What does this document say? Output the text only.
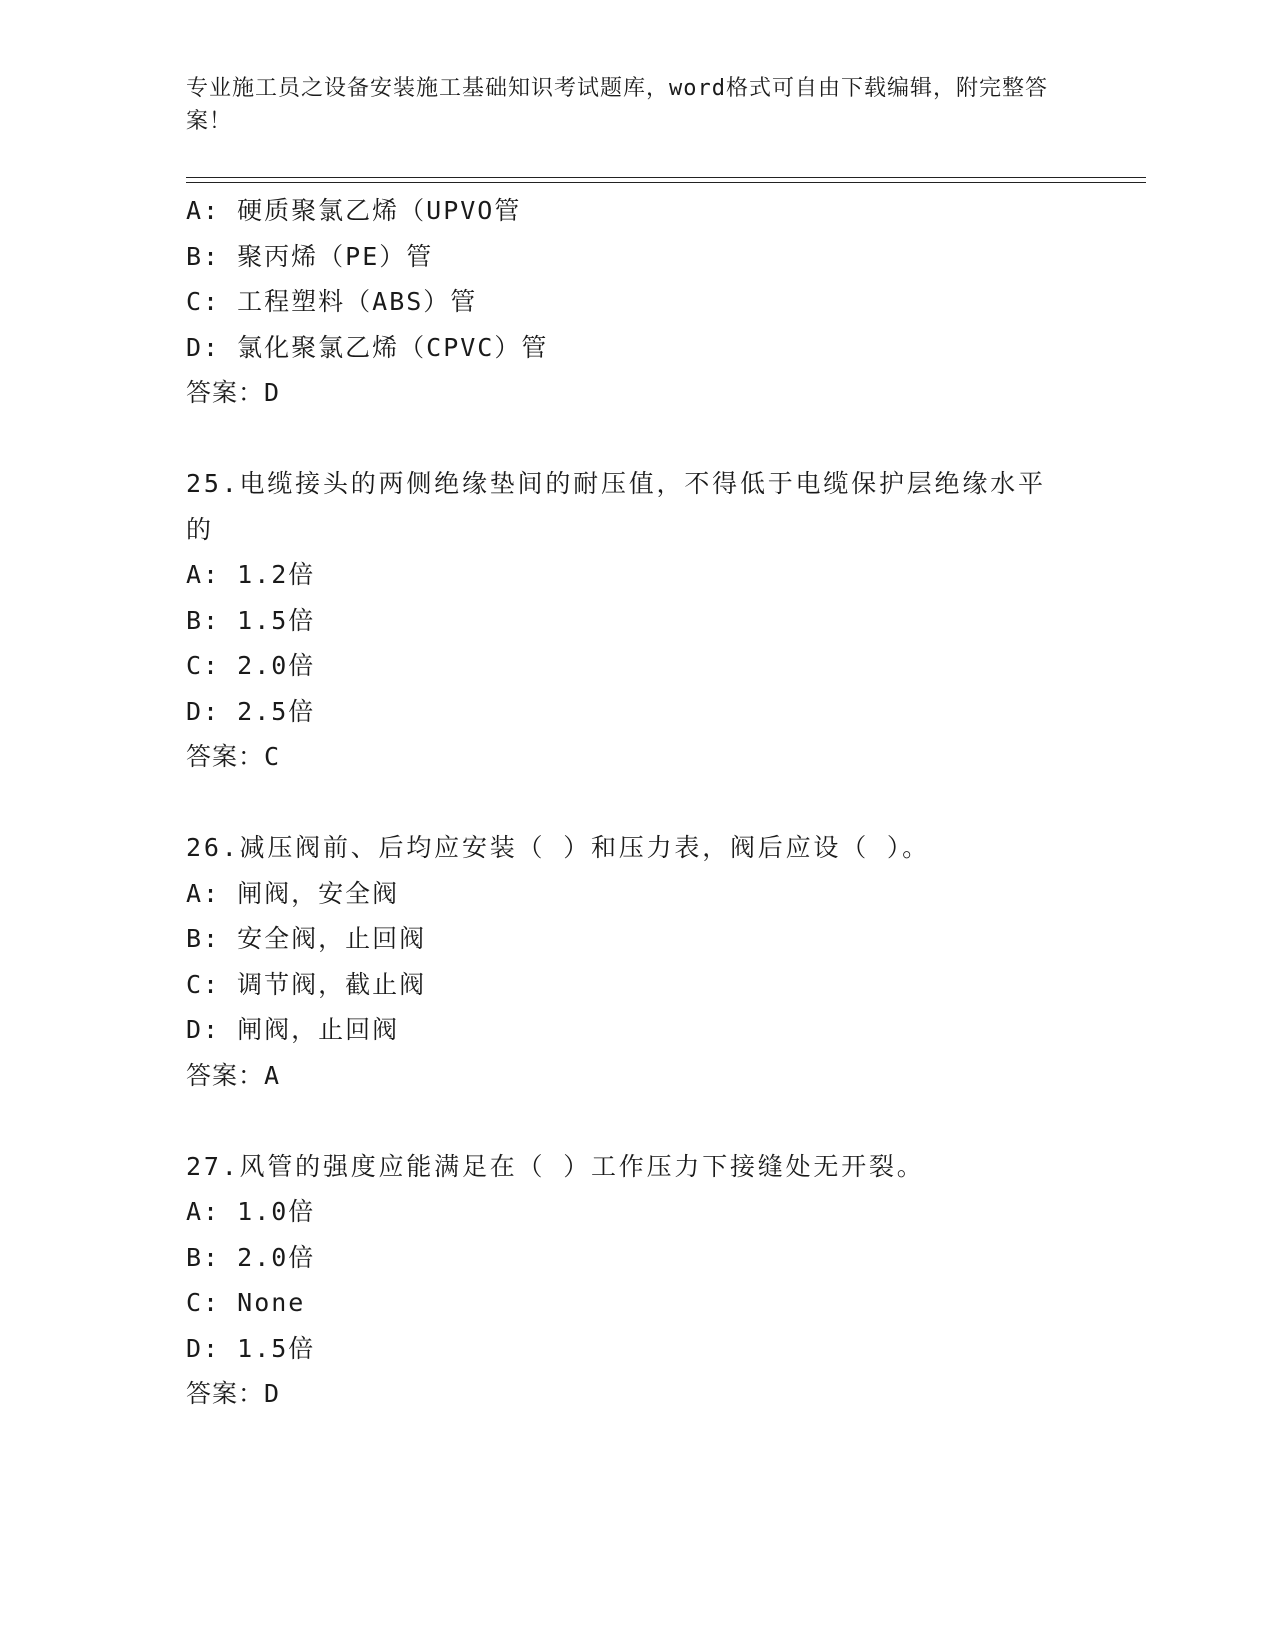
专业施工员之设备安装施工基础知识考试题库，word格式可自由下载编辑，附完整答案！
A: 硬质聚氯乙烯（UPVO管
B: 聚丙烯（PE）管
C: 工程塑料（ABS）管
D: 氯化聚氯乙烯（CPVC）管
答案：D
25.电缆接头的两侧绝缘垫间的耐压值，不得低于电缆保护层绝缘水平的
A: 1.2倍
B: 1.5倍
C: 2.0倍
D: 2.5倍
答案：C
26.减压阀前、后均应安装（ ）和压力表，阀后应设（ ）。
A: 闸阀，安全阀
B: 安全阀，止回阀
C: 调节阀，截止阀
D: 闸阀，止回阀
答案：A
27.风管的强度应能满足在（ ）工作压力下接缝处无开裂。
A: 1.0倍
B: 2.0倍
C: None
D: 1.5倍
答案：D
